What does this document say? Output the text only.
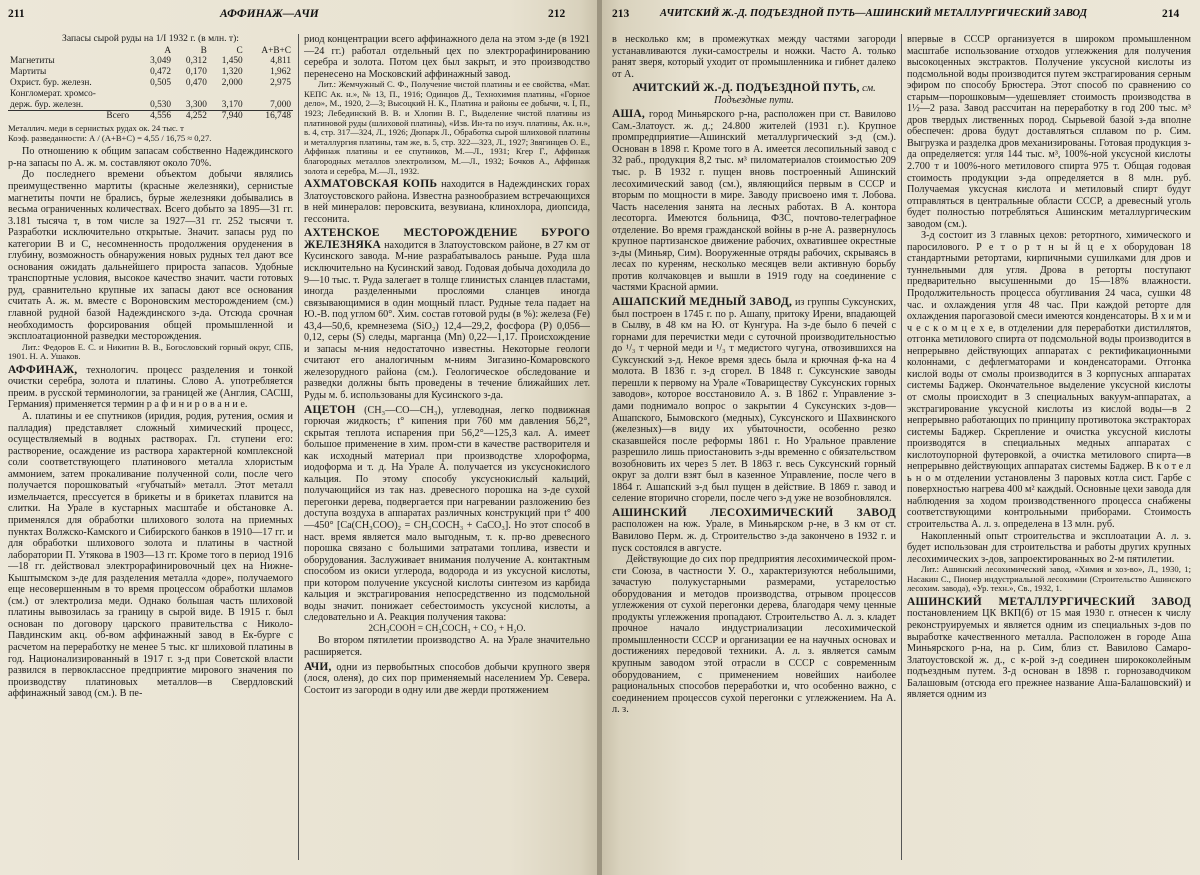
211	АФФИНАЖ—АЧИ	212

Запасы сырой руды на 1/I 1932 г. (в млн. т):

	А	В	С	А+В+С
Магнетиты	3,049	0,312	1,450	4,811
Мартиты	0,472	0,170	1,320	1,962
Охрист. бур. железн.	0,505	0,470	2,000	2,975
Конгломерат. хромсо-				
держ. бур. железн.	0,530	3,300	3,170	7,000
Всего	4,556	4,252	7,940	16,748

Металлич. меди в сернистых рудах ок. 24 тыс. т

Коэф. разведанности: А / (А+В+С) = 4,55 / 16,75 ≈ 0,27.

По отношению к общим запасам собственно Надеждинского р-на запасы по А. ж. м. составляют около 70%.

До последнего времени объектом добычи являлись преимущественно мартиты (красные железняки), сернистые магнетиты почти не брались, бурые железняки добывались в весьма ограниченных количествах. Всего добыто за 1895—31 гг. 3.181 тысяча т, в том числе за 1927—31 гг. 252 тысячи т. Разработки исключительно открытые. Значит. запасы руд по категории В и С, несомненность продолжения оруденения в глубину, возможность обнаружения новых рудных тел дают все основания ожидать дальнейшего прироста запасов. Удобные транспортные условия, высокое качество значит. части готовых руд, сравнительно крупные их запасы дают все основания считать А. ж. м. вместе с Вороновским месторождением (см.) главной рудной базой Надеждинского з-да. Отсюда срочная необходимость форсирования общей промышленной и эксплоатационной разведки месторождения.

Лит.: Федоров Е. С. и Никитин В. В., Богословский горный округ, СПБ, 1901. Н. А. Ушаков.

АФФИНАЖ, технологич. процесс разделения и тонкой очистки серебра, золота и платины. Слово А. употребляется преим. в русской терминологии, за границей же (Англия, САСШ, Германия) применяется термин р а ф и н и р о в а н и е.

А. платины и ее спутников (иридия, родия, рутения, осмия и палладия) представляет сложный химический процесс, осуществляемый в водных растворах. Гл. ступени его: растворение, осаждение из раствора характерной комплексной соли соответствующего платинового металла хлористым аммонием, затем прокаливание полученной соли, после чего получается порошковатый «губчатый» металл. Этот металл измельчается, прессуется в брикеты и в брикетах плавится на слитки. На Урале в кустарных масштабе и обстановке А. применялся для обработки шлихового золота на приемных пунктах Волжско-Камского и Сибирского банков в 1910—17 гг. и для обработки шлихового золота и платины в частной лаборатории П. Утякова в 1903—13 гг. Кроме того в период 1916—18 гг. действовал электрорафинировочный цех на Нижне-Кыштымском з-де для разделения металла «доре», получаемого еще несовершенным в то время процессом обработки шламов (см.) от электролиза меди. Однако большая часть шлиховой платины вывозилась за границу в сырой виде. В 1915 г. был основан по договору царского правительства с Николо-Павдинским акц. об-вом аффинажный завод в Ек-бурге с расчетом на переработку не менее 5 тыс. кг шлиховой платины в год. Национализированный в 1917 г. з-д при Советской власти развился в первоклассное предприятие мирового значения по производству платиновых металлов—в Свердловский аффинажный завод (см.). В пе-

риод концентрации всего аффинажного дела на этом з-де (в 1921—24 гг.) работал отдельный цех по электрорафинированию серебра и золота. Потом цех был закрыт, и это производство перенесено на Московский аффинажный завод.

Лит.: Жемчужный С. Ф., Получение чистой платины и ее свойства, «Мат. КЕПС Ак. н.», № 13, П., 1916; Одинцов Д., Технохимия платины, «Горное дело», М., 1920, 2—3; Высоцкий Н. К., Платина и районы ее добычи, ч. I, П., 1923; Лебединский В. В. и Хлопин В. Г., Выделение чистой платины из платиновой руды (шлиховой платины), «Изв. Ин-та по изуч. платины, Ак. н.», в. 4, стр. 317—324, Л., 1926; Дюпарк Л., Обработка сырой шлиховой платины и металлургия платины, там же, в. 5, стр. 322—323, Л., 1927; Звягинцев О. Е., Аффинаж платины и ее спутников, М.—Л., 1931; Кгер Г., Аффинаж благородных металлов электролизом, М.—Л., 1932; Бочков А., Аффинаж золота и серебра, М.—Л., 1932.

АХМАТОВСКАЯ КОПЬ находится в Надеждинских горах Златоустовского района. Известна разнообразием встречающихся в ней минералов: перовскита, везувиана, клинохлора, диопсида, гессонита.

АХТЕНСКОЕ МЕСТОРОЖДЕНИЕ БУРОГО ЖЕЛЕЗНЯКА находится в Златоустовском районе, в 27 км от Кусинского завода. М-ние разрабатывалось раньше. Руда шла исключительно на Кусинский завод. Годовая добыча доходила до 9—10 тыс. т. Руда залегает в толще глинистых сланцев пластами, иногда разделенными прослоями сланцев иногда связывающимися в один мощный пласт. Рудные тела падает на Ю.-В. под углом 60°. Хим. состав готовой руды (в %): железа (Fe) 43,4—50,6, кремнезема (SiO₂) 12,4—29,2, фосфора (P) 0,056—0,12, серы (S) следы, марганца (Mn) 0,22—1,17. Происхождение и запасы м-ния недостаточно известны. Некоторые геологи считают его аналогичным м-ниям Зигазино-Комаровского железорудного района (см.). Геологическое обследование и разведки должны быть проведены в течение ближайших лет. Руды м. б. использованы для Кусинского з-да.

АЦЕТОН (CH₃—CO—CH₃), углеводная, легко подвижная горючая жидкость; t° кипения при 760 мм давления 56,2°, скрытая теплота испарения при 56,2°—125,3 кал. А. имеет большое применение в хим. пром-сти в качестве растворителя и как исходный материал при производстве хлороформа, иодоформа и т. д. На Урале А. получается из уксуснокислого кальция. По этому способу уксуснокислый кальций, получающийся из так наз. древесного порошка на з-де сухой перегонки дерева, подвергается при нагревании разложению без доступа воздуха в аппаратах различных конструкций при t° 400—450° [Ca(CH₃COO)₂ = CH₃COCH₃ + CaCO₃]. Но этот способ в наст. время является мало выгодным, т. к. пр-во древесного порошка связано с большими затратами топлива, извести и оборудования. Заслуживает внимания получение А. контактным способом из окиси углерода, водорода и из уксусной кислоты, при котором получение уксусной кислоты синтезом из карбида кальция и экстрагирования непосредственно из подсмольной воды значит. понижает себестоимость уксусной кислоты, а следовательно и А. Реакция получения такова:

2CH₃COOH = CH₃COCH₃ + CO₂ + H₂O.

Во втором пятилетии производство А. на Урале значительно расширяется.

АЧИ, одни из первобытных способов добычи крупного зверя (лося, оленя), до сих пор применяемый населением Ур. Севера. Состоит из загороди в одну или две жерди протяжением

213	АЧИТСКИЙ Ж.-Д. ПОДЪЕЗДНОЙ ПУТЬ—АШИНСКИЙ МЕТАЛЛУРГИЧЕСКИЙ ЗАВОД	214

в несколько км; в промежутках между частями загороди устанавливаются луки-самострелы и ножки. Часто А. только ранят зверя, который уходит от промышленника и гибнет далеко от А.

АЧИТСКИЙ Ж.-Д. ПОДЪЕЗДНОЙ ПУТЬ, см. Подъездные пути.

АША, город Миньярского р-на, расположен при ст. Вавилово Сам.-Златоуст. ж. д.; 24.800 жителей (1931 г.). Крупное промпредприятие—Ашинский металлургический з-д (см.). Основан в 1898 г. Кроме того в А. имеется лесопильный завод с 32 раб., продукция 8,2 тыс. м³ пиломатериалов стоимостью 209 тыс. р. В 1932 г. пущен вновь построенный Ашинский лесохимический завод (см.), являющийся первым в СССР и вторым по мощности в мире. Заводу присвоено имя т. Лобова. Часть населения занята на лесных работах. В А. контора лесоторга. Имеются больница, ФЗС, почтово-телеграфное отделение. Во время гражданской войны в р-не А. развернулось крупное партизанское движение рабочих, охватившее окрестные з-ды (Миньяр, Сим). Вооруженные отряды рабочих, скрываясь в лесах по куреням, несколько месяцев вели активную борьбу против колчаковцев и вышли в 1919 году на соединение с частями Красной армии.

АШАПСКИЙ МЕДНЫЙ ЗАВОД, из группы Суксунских, был построен в 1745 г. по р. Ашапу, притоку Ирени, впадающей в Сылву, в 48 км на Ю. от Кунгура. На з-де было 6 печей с горнами для перечистки меди с суточной производительностью до ¹/₃ т черной меди и ¹/₃ т медистого чугуна, отвозившихся на Суксунский з-д. Некое время здесь была и крючная ф-ка на 4 молота. В 1836 г. з-д сгорел. В 1848 г. Суксунские заводы перешли к первому на Урале «Товариществу Суксунских горных заводов», которое восстановило А. з. В 1862 г. Управление з-дами поднимало вопрос о закрытии 4 Суксунских з-дов—Ашапского, Бымовского (медных), Суксунского и Шахвинского (железных)—в виду их убыточности, особенно резко сказавшейся после реформы 1861 г. Но Уральное правление разрешило лишь приостановить з-ды временно с обязательством возобновить их через 5 лет. В 1863 г. весь Суксунский горный округ за долги взят был в казенное Управление, после чего в 1864 г. Ашапский з-д был пущен в действие. В 1869 г. завод и селение вторично сгорели, после чего з-д уже не возобновлялся.

АШИНСКИЙ ЛЕСОХИМИЧЕСКИЙ ЗАВОД расположен на юж. Урале, в Миньярском р-не, в 3 км от ст. Вавилово Перм. ж. д. Строительство з-да закончено в 1932 г. и пуск состоялся в августе.

Действующие до сих пор предприятия лесохимической пром-сти Союза, в частности У. О., характеризуются небольшими, зачастую полукустарными размерами, устарелостью оборудования и методов производства, отрывом процессов углежжения от сухой перегонки дерева, благодаря чему ценные продукты углежжения пропадают. Строительство А. л. з. кладет прочное начало индустриализации лесохимической промышленности СССР и организации ее на научных основах и достижениях передовой техники. А. л. з. является самым крупным заводом этой отрасли в СССР с современным оборудованием, с применением новейших наиболее рациональных способов переработки и, что особенно важно, с соединением процессов сухой перегонки с углежжением. На А. л. з.

впервые в СССР организуется в широком промышленном масштабе использование отходов углежжения для получения высокоценных экстрактов. Получение уксусной кислоты из подсмольной воды производится путем экстрагирования серным эфиром по способу Брюстера. Этот способ по сравнению со старым—порошковым—удешевляет стоимость производства в 1½—2 раза. Завод рассчитан на переработку в год 200 тыс. м³ дров твердых лиственных пород. Сырьевой базой з-да вполне обеспечен: дрова будут доставляться сплавом по р. Сим. Выгрузка и разделка дров механизированы. Готовая продукция з-да определяется: угля 144 тыс. м³, 100%-ной уксусной кислоты 2.700 т и 100%-ного метилового спирта 975 т. Общая годовая стоимость продукции з-да определяется в 8 млн. руб. Получаемая уксусная кислота и метиловый спирт будут отправляться в центральные области СССР, а древесный уголь будет полностью потребляться Ашинским металлургическим заводом (см.).

З-д состоит из 3 главных цехов: ретортного, химического и паросилового. Р е т о р т н ы й ц е х оборудован 18 стандартными ретортами, кирпичными сушилками для дров и туннельными для угля. Дрова в реторты поступают предварительно высушенными до 15—18% влажности. Продолжительность процесса обугливания 24 часа, сушки 48 час. и охлаждения угля 48 час. При каждой реторте для охлаждения парогазовой смеси имеются конденсаторы. В х и м и ч е с к о м ц е х е, в отделении для переработки дистиллятов, отгонка метилового спирта от подсмольной воды производится в непрерывно действующих аппаратах с ректификационными колоннами, с дефлегматорами и конденсаторами. Отгонка кислой воды от смолы производится в 3 корпусных аппаратах системы Баджер. Окончательное выделение уксусной кислоты от смолы происходит в 3 специальных вакуум-аппаратах, а экстрагирование уксусной кислоты из кислой воды—в 2 непрерывно работающих по принципу противотока экстракторах системы Баджер. Скрепление и очистка уксусной кислоты производятся в специальных медных аппаратах с кислотоупорной футеровкой, а очистка метилового спирта—в непрерывно действующих аппаратах системы Баджер. В к о т е л ь н о м отделении установлены 3 паровых котла сист. Гарбе с поверхностью нагрева 400 м² каждый. Основные цехи завода для наблюдения за ходом производственного процесса снабжены соответствующими контрольными приборами. Стоимость строительства А. л. з. определена в 13 млн. руб.

Накопленный опыт строительства и эксплоатации А. л. з. будет использован для строительства и работы других крупных лесохимических з-дов, запроектированных во 2-м пятилетии.

Лит.: Ашинский лесохимический завод, «Химия и хоз-во», Л., 1930, 1; Насакин С., Пионер индустриальной лесохимии (Строительство Ашинского лесохим. завода), «Ур. техн.», Св., 1932, 1.

АШИНСКИЙ МЕТАЛЛУРГИЧЕСКИЙ ЗАВОД постановлением ЦК ВКП(б) от 15 мая 1930 г. отнесен к числу реконструируемых и является одним из специальных з-дов по выработке качественного металла. Расположен в городе Аша Миньярского р-на, на р. Сим, близ ст. Вавилово Самаро-Златоустовской ж. д., с к-рой з-д соединен ширококолейным подъездным путем. З-д основан в 1898 г. горнозаводчиком Балашовым (отсюда его прежнее название Аша-Балашовский) и является одним из
